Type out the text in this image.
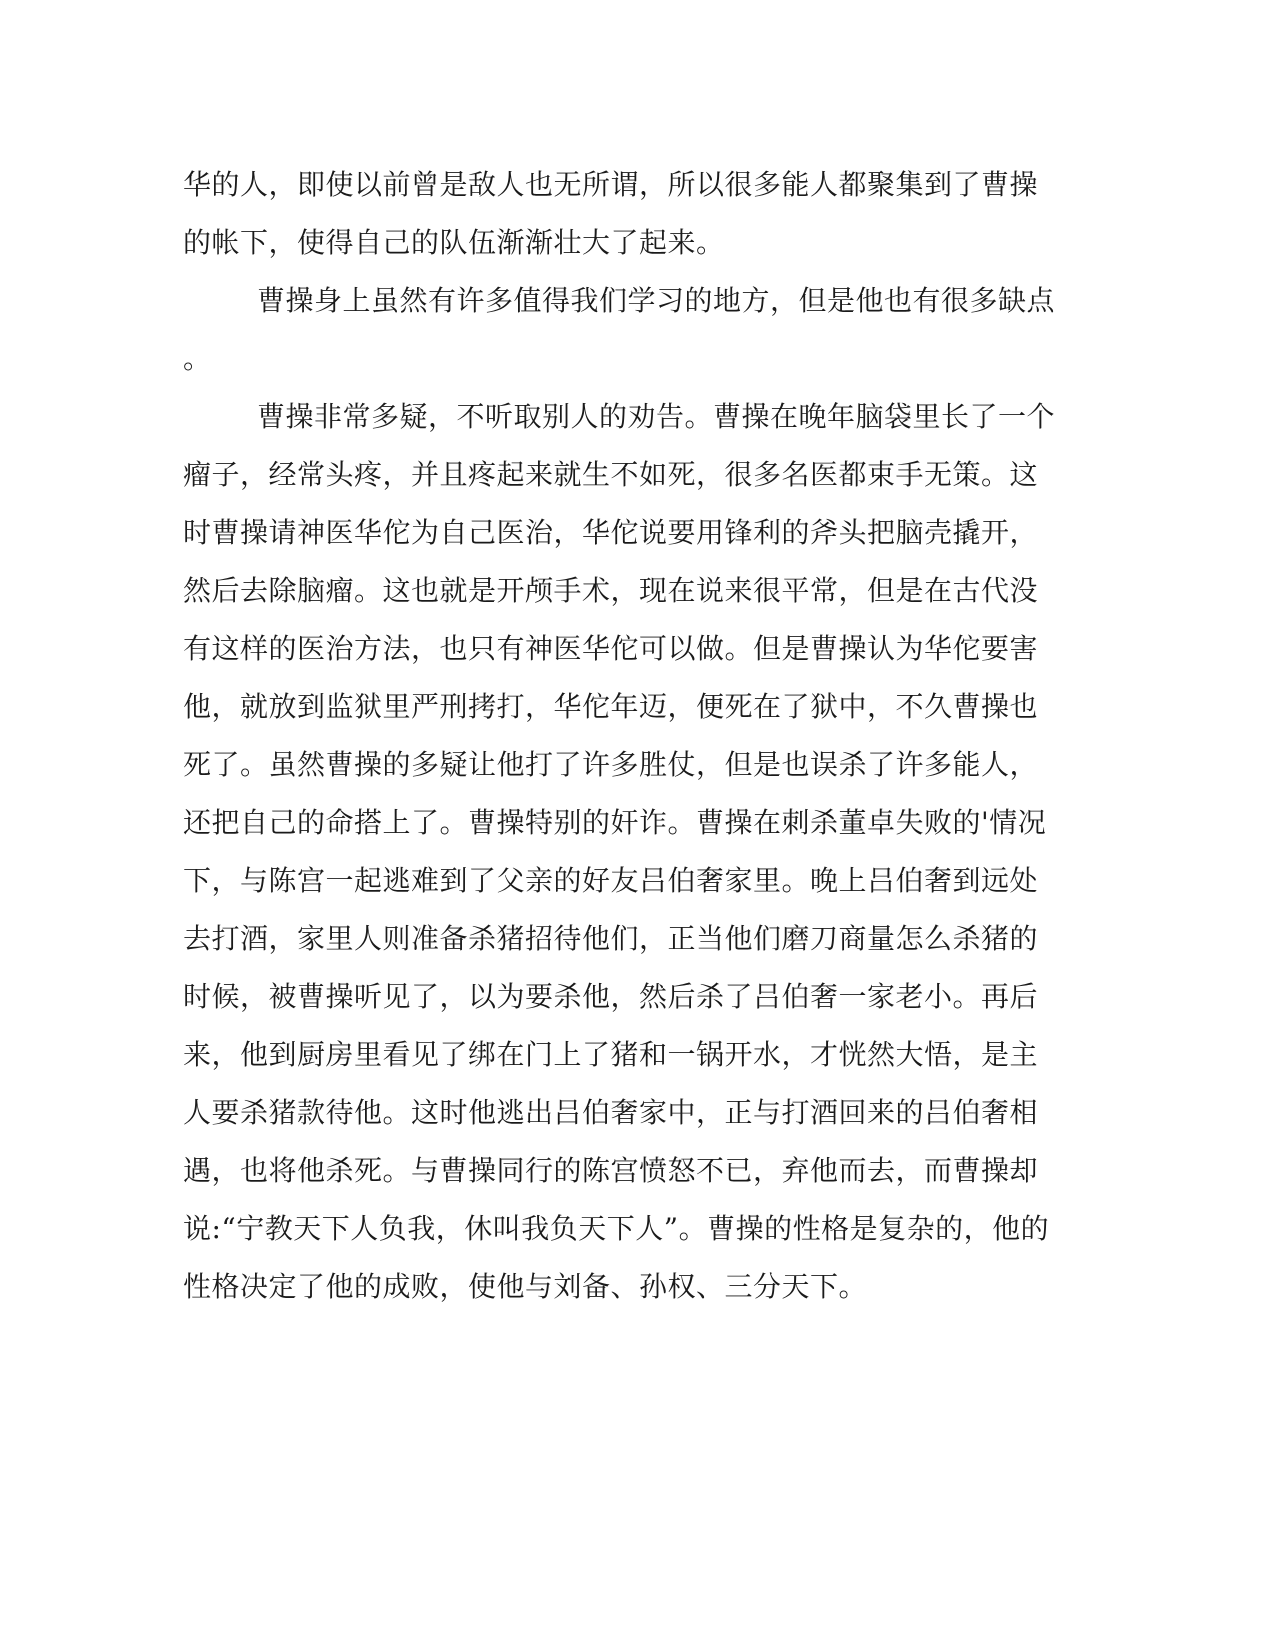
华的人，即使以前曾是敌人也无所谓，所以很多能人都聚集到了曹操
的帐下，使得自己的队伍渐渐壮大了起来。
曹操身上虽然有许多值得我们学习的地方，但是他也有很多缺点
。
曹操非常多疑，不听取别人的劝告。曹操在晚年脑袋里长了一个
瘤子，经常头疼，并且疼起来就生不如死，很多名医都束手无策。这
时曹操请神医华佗为自己医治，华佗说要用锋利的斧头把脑壳撬开，
然后去除脑瘤。这也就是开颅手术，现在说来很平常，但是在古代没
有这样的医治方法，也只有神医华佗可以做。但是曹操认为华佗要害
他，就放到监狱里严刑拷打，华佗年迈，便死在了狱中，不久曹操也
死了。虽然曹操的多疑让他打了许多胜仗，但是也误杀了许多能人，
还把自己的命搭上了。曹操特别的奸诈。曹操在刺杀董卓失败的'情况
下，与陈宫一起逃难到了父亲的好友吕伯奢家里。晚上吕伯奢到远处
去打酒，家里人则准备杀猪招待他们，正当他们磨刀商量怎么杀猪的
时候，被曹操听见了，以为要杀他，然后杀了吕伯奢一家老小。再后
来，他到厨房里看见了绑在门上了猪和一锅开水，才恍然大悟，是主
人要杀猪款待他。这时他逃出吕伯奢家中，正与打酒回来的吕伯奢相
遇，也将他杀死。与曹操同行的陈宫愤怒不已，弃他而去，而曹操却
说:“宁教天下人负我，休叫我负天下人”。曹操的性格是复杂的，他的
性格决定了他的成败，使他与刘备、孙权、三分天下。
